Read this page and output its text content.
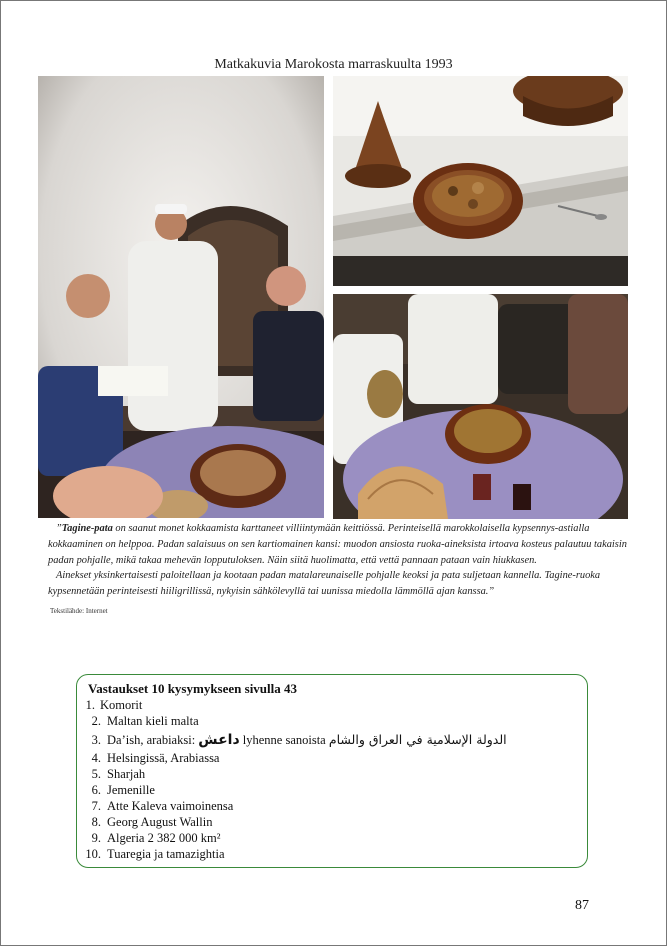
Matkakuvia Marokosta marraskuulta 1993

”Tagine-pata on saanut monet kokkaamista karttaneet villiintymään keittiössä. Perinteisellä marokkolaisella kypsennys-astialla kokkaaminen on helppoa. Padan salaisuus on sen kartiomainen kansi: muodon ansiosta ruoka-aineksista irtoava kosteus palautuu takaisin padan pohjalle, mikä takaa mehevän lopputuloksen. Näin siitä huolimatta, että vettä pannaan pataan vain hiukkasen.

Ainekset yksinkertaisesti paloitellaan ja kootaan padan matalareunaiselle pohjalle keoksi ja pata suljetaan kannella. Tagine-ruoka kypsennetään perinteisesti hiiligrillissä, nykyisin sähkölevyllä tai uunissa miedolla lämmöllä ajan kanssa.”

Tekstilähde: Internet
Vastaukset 10 kysymykseen sivulla 43
1. Komorit
2. Maltan kieli malta
3. Da’ish, arabiaksi: داعش lyhenne sanoista الدولة الإسلامية في العراق والشام
4. Helsingissä, Arabiassa
5. Sharjah
6. Jemenille
7. Atte Kaleva vaimoinensa
8. Georg August Wallin
9. Algeria 2 382 000 km²
10. Tuaregia ja tamazightia
87
